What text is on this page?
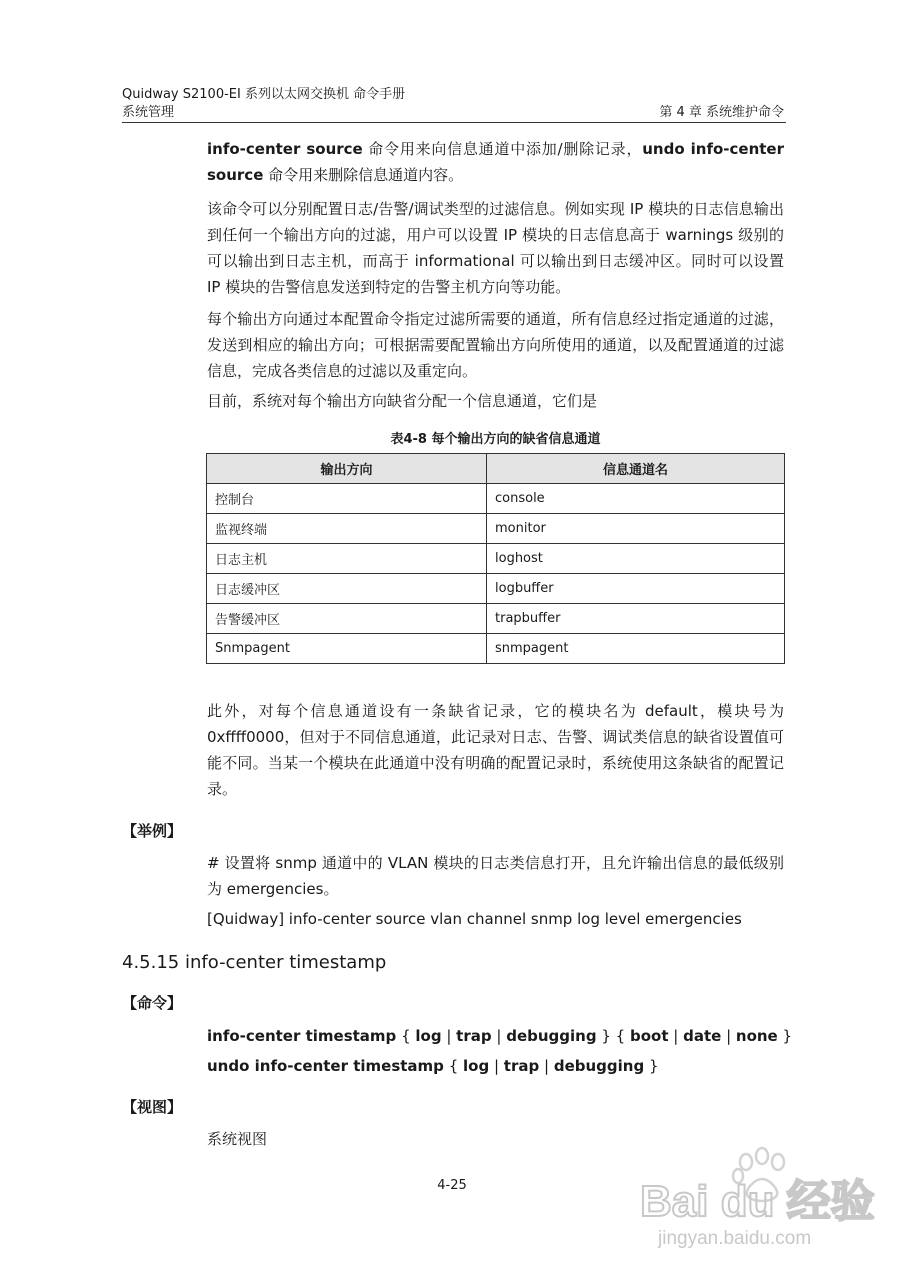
Quidway S2100-EI 系列以太网交换机 命令手册
系统管理	第 4 章 系统维护命令
info-center source 命令用来向信息通道中添加/删除记录，undo info-center source 命令用来删除信息通道内容。
该命令可以分别配置日志/告警/调试类型的过滤信息。例如实现 IP 模块的日志信息输出到任何一个输出方向的过滤，用户可以设置 IP 模块的日志信息高于 warnings 级别的可以输出到日志主机，而高于 informational 可以输出到日志缓冲区。同时可以设置 IP 模块的告警信息发送到特定的告警主机方向等功能。
每个输出方向通过本配置命令指定过滤所需要的通道，所有信息经过指定通道的过滤，发送到相应的输出方向；可根据需要配置输出方向所使用的通道，以及配置通道的过滤信息，完成各类信息的过滤以及重定向。
目前，系统对每个输出方向缺省分配一个信息通道，它们是
表4-8 每个输出方向的缺省信息通道
输出方向	信息通道名
控制台	console
监视终端	monitor
日志主机	loghost
日志缓冲区	logbuffer
告警缓冲区	trapbuffer
Snmpagent	snmpagent
此外，对每个信息通道设有一条缺省记录，它的模块名为 default，模块号为 0xffff0000，但对于不同信息通道，此记录对日志、告警、调试类信息的缺省设置值可能不同。当某一个模块在此通道中没有明确的配置记录时，系统使用这条缺省的配置记录。
【举例】
# 设置将 snmp 通道中的 VLAN 模块的日志类信息打开，且允许输出信息的最低级别为 emergencies。
[Quidway] info-center source vlan channel snmp log level emergencies
4.5.15 info-center timestamp
【命令】
info-center timestamp { log | trap | debugging } { boot | date | none }
undo info-center timestamp { log | trap | debugging }
【视图】
系统视图
4-25	Bai du 经验
jingyan.baidu.com
